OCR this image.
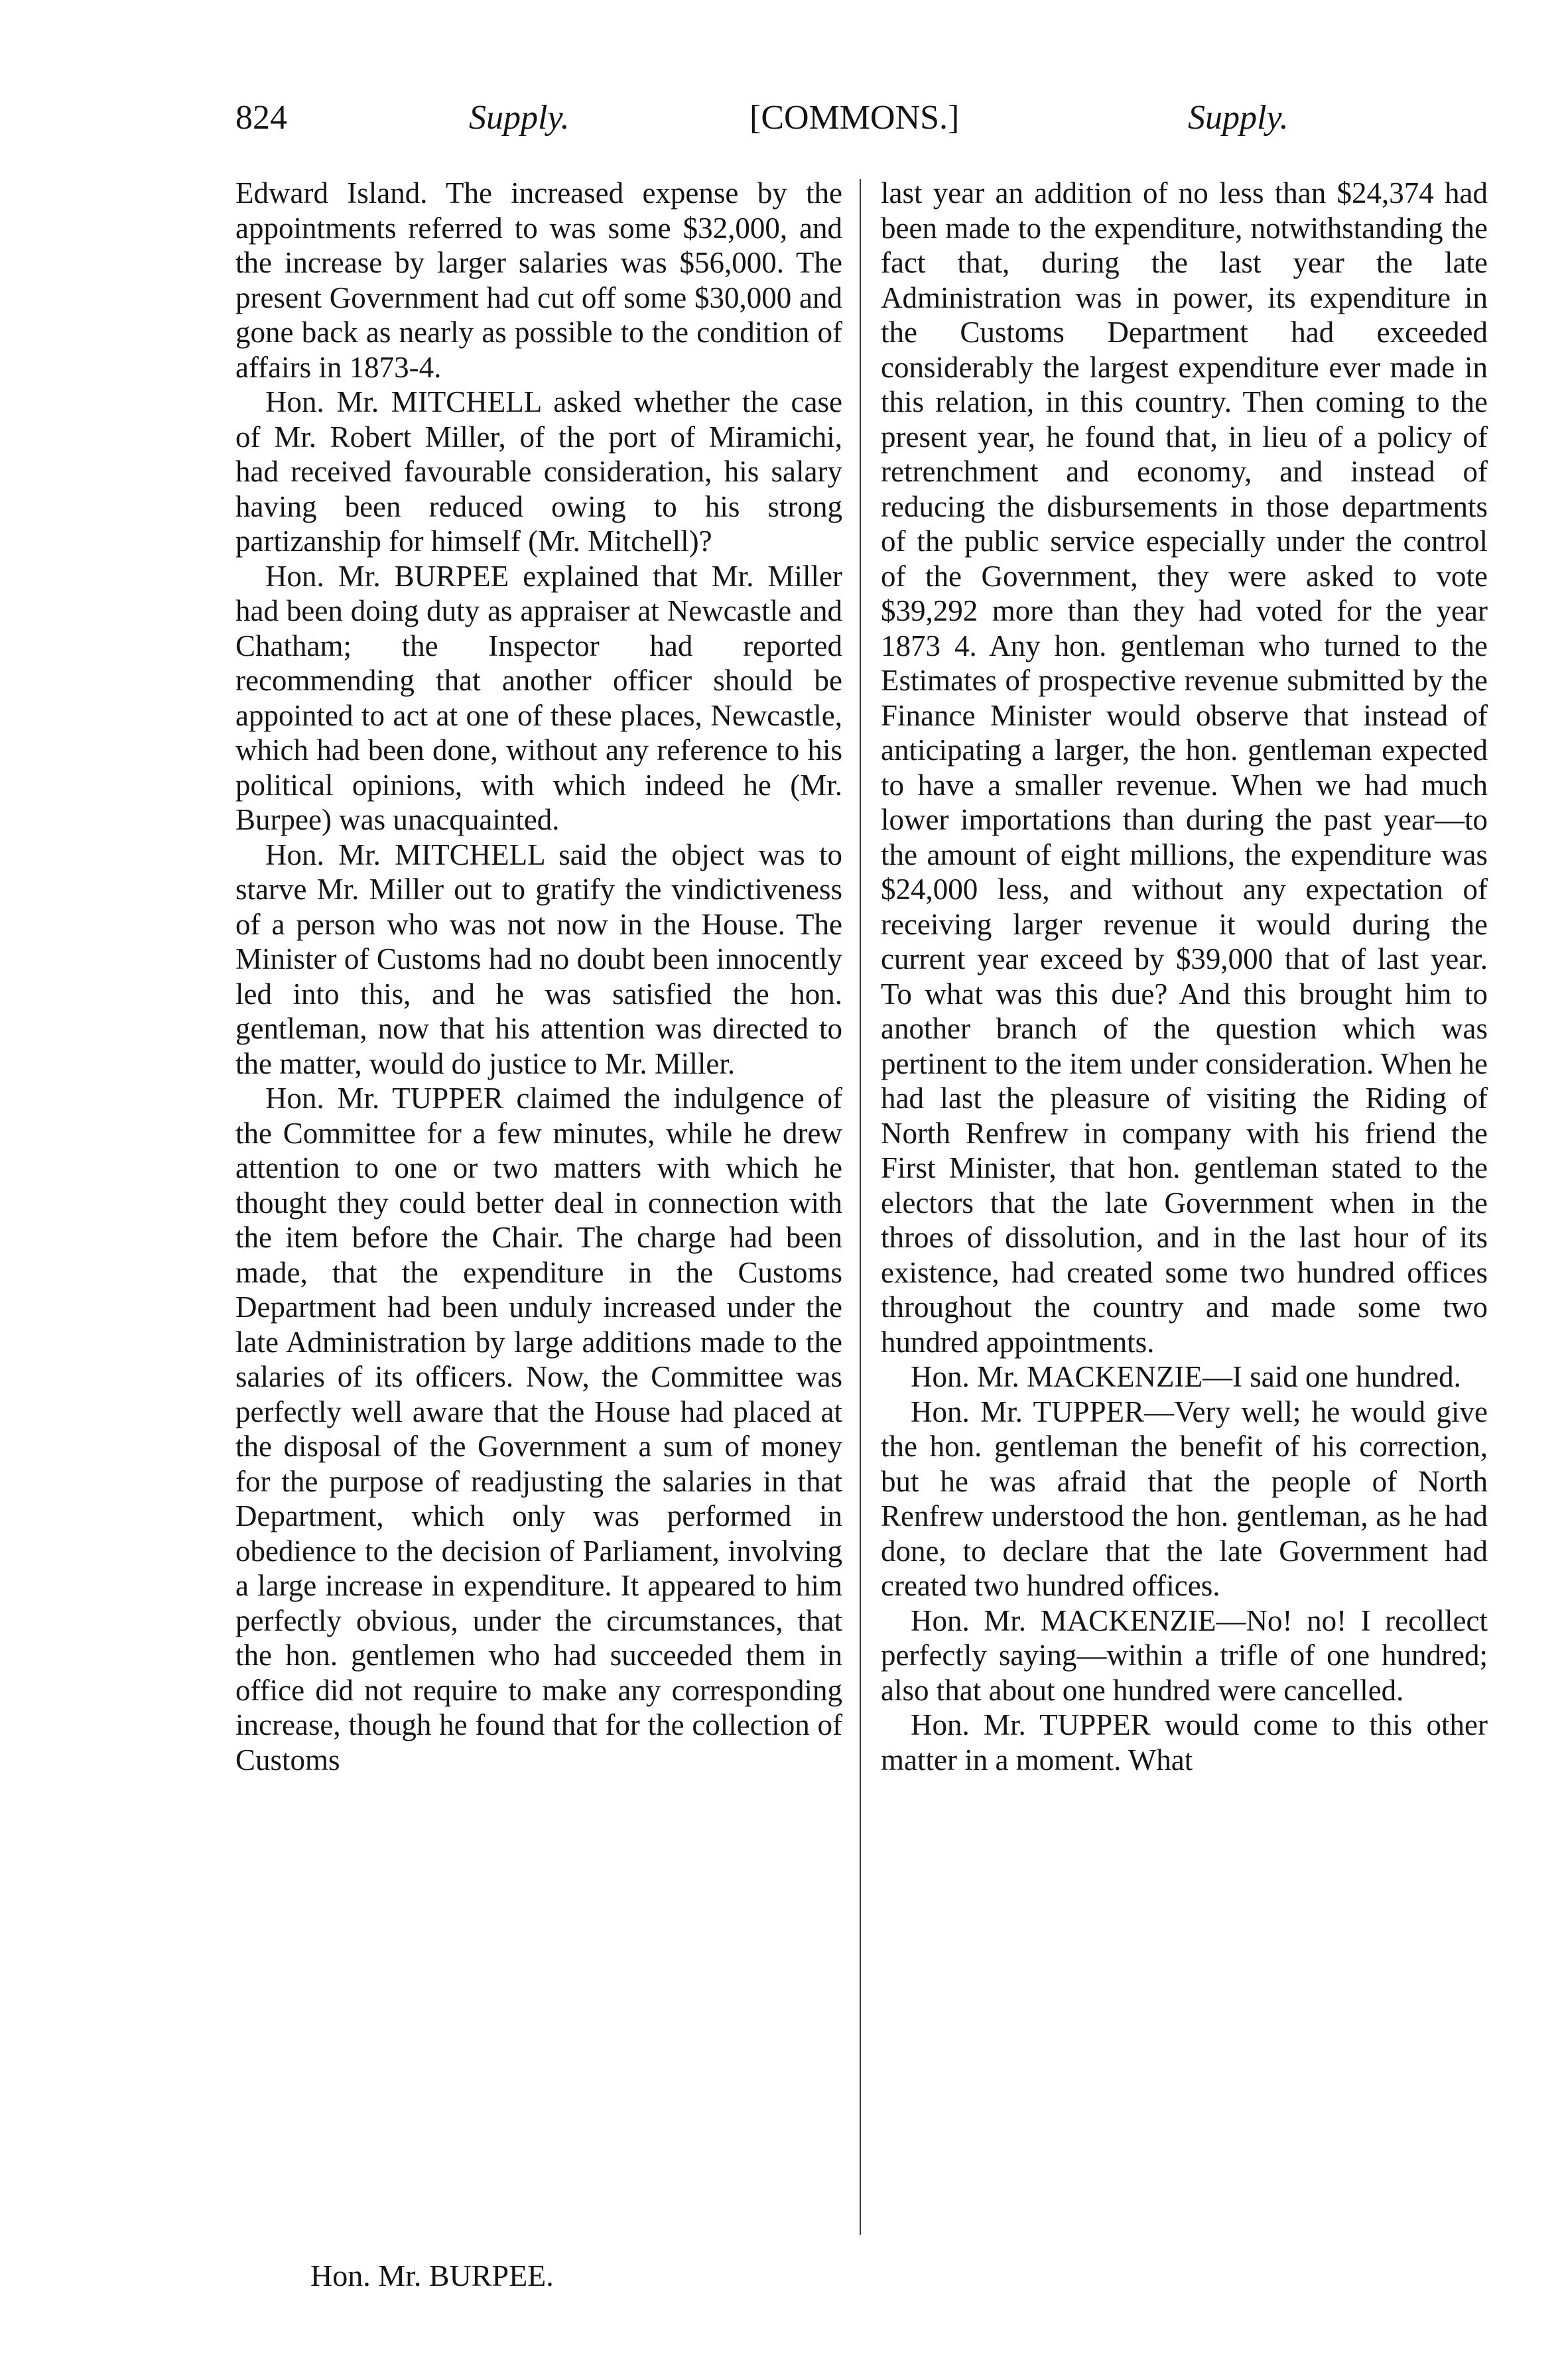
824	Supply.	[COMMONS.]	Supply.

Edward Island. The increased expense by the appointments referred to was some $32,000, and the increase by larger salaries was $56,000. The present Government had cut off some $30,000 and gone back as nearly as possible to the condition of affairs in 1873-4.

Hon. Mr. MITCHELL asked whether the case of Mr. Robert Miller, of the port of Miramichi, had received favourable consideration, his salary having been reduced owing to his strong partizanship for himself (Mr. Mitchell)?

Hon. Mr. BURPEE explained that Mr. Miller had been doing duty as appraiser at Newcastle and Chatham; the Inspector had reported recommending that another officer should be appointed to act at one of these places, Newcastle, which had been done, without any reference to his political opinions, with which indeed he (Mr. Burpee) was unacquainted.

Hon. Mr. MITCHELL said the object was to starve Mr. Miller out to gratify the vindictiveness of a person who was not now in the House. The Minister of Customs had no doubt been innocently led into this, and he was satisfied the hon. gentleman, now that his attention was directed to the matter, would do justice to Mr. Miller.

Hon. Mr. TUPPER claimed the indulgence of the Committee for a few minutes, while he drew attention to one or two matters with which he thought they could better deal in connection with the item before the Chair. The charge had been made, that the expenditure in the Customs Department had been unduly increased under the late Administration by large additions made to the salaries of its officers. Now, the Committee was perfectly well aware that the House had placed at the disposal of the Government a sum of money for the purpose of readjusting the salaries in that Department, which only was performed in obedience to the decision of Parliament, involving a large increase in expenditure. It appeared to him perfectly obvious, under the circumstances, that the hon. gentlemen who had succeeded them in office did not require to make any corresponding increase, though he found that for the collection of Customs

last year an addition of no less than $24,374 had been made to the expenditure, notwithstanding the fact that, during the last year the late Administration was in power, its expenditure in the Customs Department had exceeded considerably the largest expenditure ever made in this relation, in this country. Then coming to the present year, he found that, in lieu of a policy of retrenchment and economy, and instead of reducing the disbursements in those departments of the public service especially under the control of the Government, they were asked to vote $39,292 more than they had voted for the year 1873 4. Any hon. gentleman who turned to the Estimates of prospective revenue submitted by the Finance Minister would observe that instead of anticipating a larger, the hon. gentleman expected to have a smaller revenue. When we had much lower importations than during the past year—to the amount of eight millions, the expenditure was $24,000 less, and without any expectation of receiving larger revenue it would during the current year exceed by $39,000 that of last year. To what was this due? And this brought him to another branch of the question which was pertinent to the item under consideration. When he had last the pleasure of visiting the Riding of North Renfrew in company with his friend the First Minister, that hon. gentleman stated to the electors that the late Government when in the throes of dissolution, and in the last hour of its existence, had created some two hundred offices throughout the country and made some two hundred appointments.

Hon. Mr. MACKENZIE—I said one hundred.

Hon. Mr. TUPPER—Very well; he would give the hon. gentleman the benefit of his correction, but he was afraid that the people of North Renfrew understood the hon. gentleman, as he had done, to declare that the late Government had created two hundred offices.

Hon. Mr. MACKENZIE—No! no! I recollect perfectly saying—within a trifle of one hundred; also that about one hundred were cancelled.

Hon. Mr. TUPPER would come to this other matter in a moment. What

Hon. Mr. BURPEE.
